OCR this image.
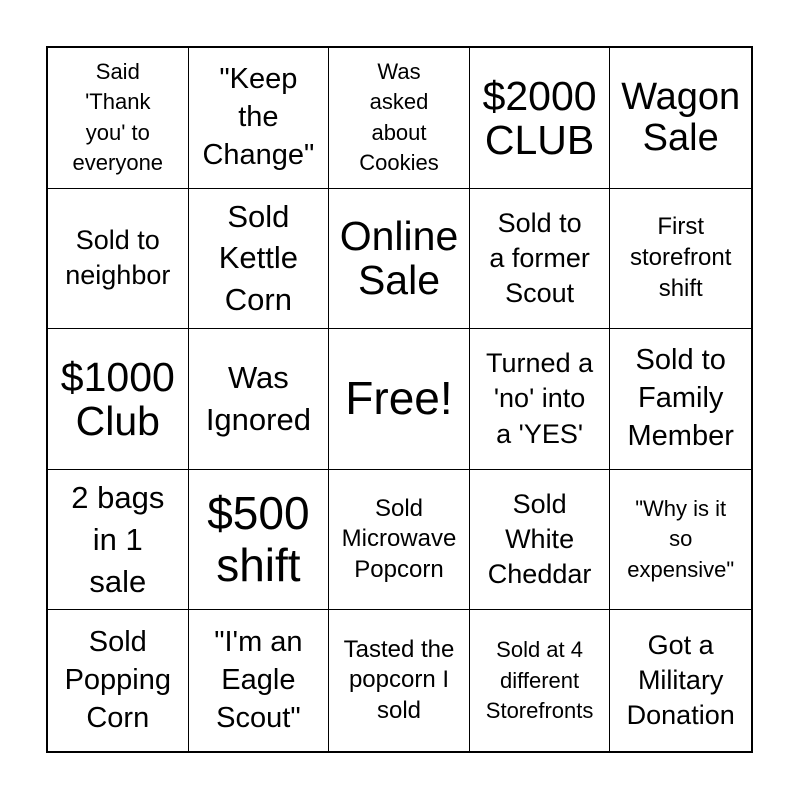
Said
'Thank
you' to
everyone
"Keep
the
Change"
Was
asked
about
Cookies
$2000
CLUB
Wagon
Sale
Sold to
neighbor
Sold
Kettle
Corn
Online
Sale
Sold to
a former
Scout
First
storefront
shift
$1000
Club
Was
Ignored Free!
Turned a
'no' into
a 'YES'
Sold to
Family
Member
2 bags
in 1
sale
$500
shift
Sold
Microwave
Popcorn
Sold
White
Cheddar
"Why is it
so
expensive"
Sold
Popping
Corn
"I'm an
Eagle
Scout"
Tasted the
popcorn I
sold
Sold at 4
different
Storefronts
Got a
Military
Donation
